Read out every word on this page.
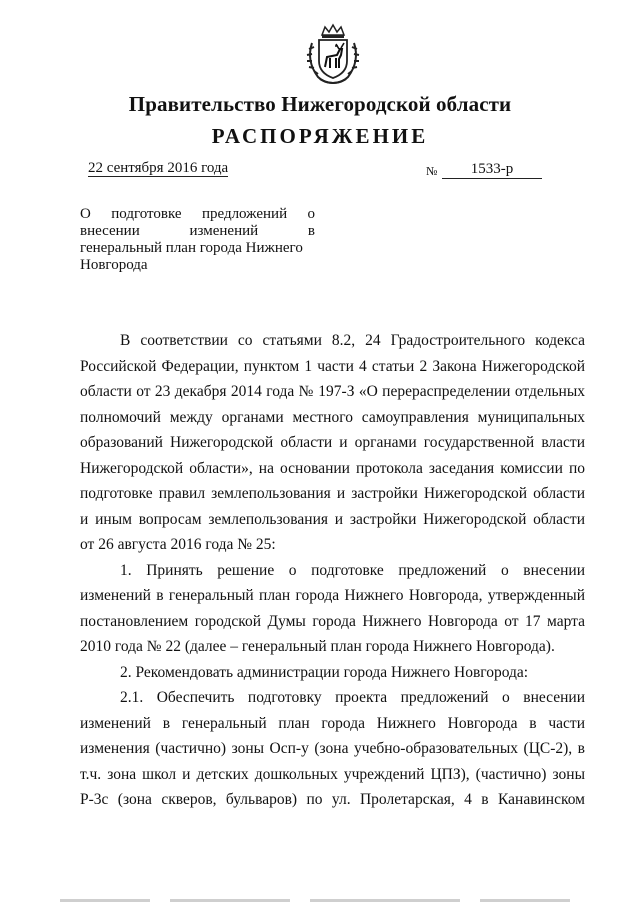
Правительство Нижегородской области
РАСПОРЯЖЕНИЕ
22 сентября 2016 года	№	1533-р

О подготовке предложений о
внесении изменений в
генеральный план города Нижнего
Новгорода

В соответствии со статьями 8.2, 24 Градостроительного кодекса
Российской Федерации, пунктом 1 части 4 статьи 2 Закона Нижегородской
области от 23 декабря 2014 года № 197-З «О перераспределении отдельных
полномочий между органами местного самоуправления муниципальных
образований Нижегородской области и органами государственной власти
Нижегородской области», на основании протокола заседания комиссии по
подготовке правил землепользования и застройки Нижегородской области
и иным вопросам землепользования и застройки Нижегородской области
от 26 августа 2016 года № 25:

1. Принять решение о подготовке предложений о внесении
изменений в генеральный план города Нижнего Новгорода, утвержденный
постановлением городской Думы города Нижнего Новгорода от 17 марта
2010 года № 22 (далее – генеральный план города Нижнего Новгорода).

2. Рекомендовать администрации города Нижнего Новгорода:

2.1. Обеспечить подготовку проекта предложений о внесении
изменений в генеральный план города Нижнего Новгорода в части
изменения (частично) зоны Осп-у (зона учебно-образовательных (ЦС-2), в
т.ч. зона школ и детских дошкольных учреждений ЦПЗ), (частично) зоны
Р-3с (зона скверов, бульваров) по ул. Пролетарская, 4 в Канавинском
